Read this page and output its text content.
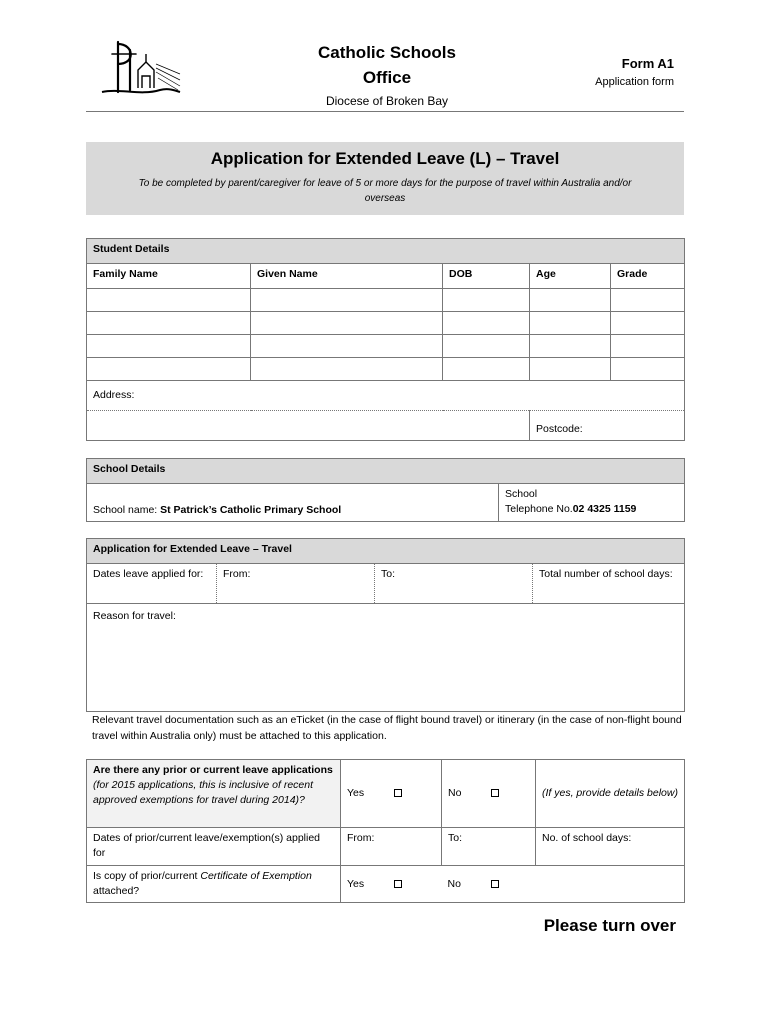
Catholic Schools
Office
Diocese of Broken Bay
Form A1
Application form
Application for Extended Leave (L) – Travel

To be completed by parent/caregiver for leave of 5 or more days for the purpose of travel within Australia and/or overseas

Student Details				
Family Name	Given Name	DOB	Age	Grade

Address:				
			Postcode:	
School Details
School name: St Patrick’s Catholic Primary School	
School
Telephone No.02 4325 1159
Application for Extended Leave – Travel
Dates leave applied for:	From:	To:	Total number of school days:
Reason for travel:
Relevant travel documentation such as an eTicket (in the case of flight bound travel) or itinerary (in the case of non-flight bound travel within Australia only) must be attached to this application.
Are there any prior or current leave applications (for 2015 applications, this is inclusive of recent approved exemptions for travel during 2014)?	Yes	No	(If yes, provide details below)
Dates of prior/current leave/exemption(s) applied for	From:	To:	No. of school days:
Is copy of prior/current Certificate of Exemption attached?	Yes	No	
Please turn over
